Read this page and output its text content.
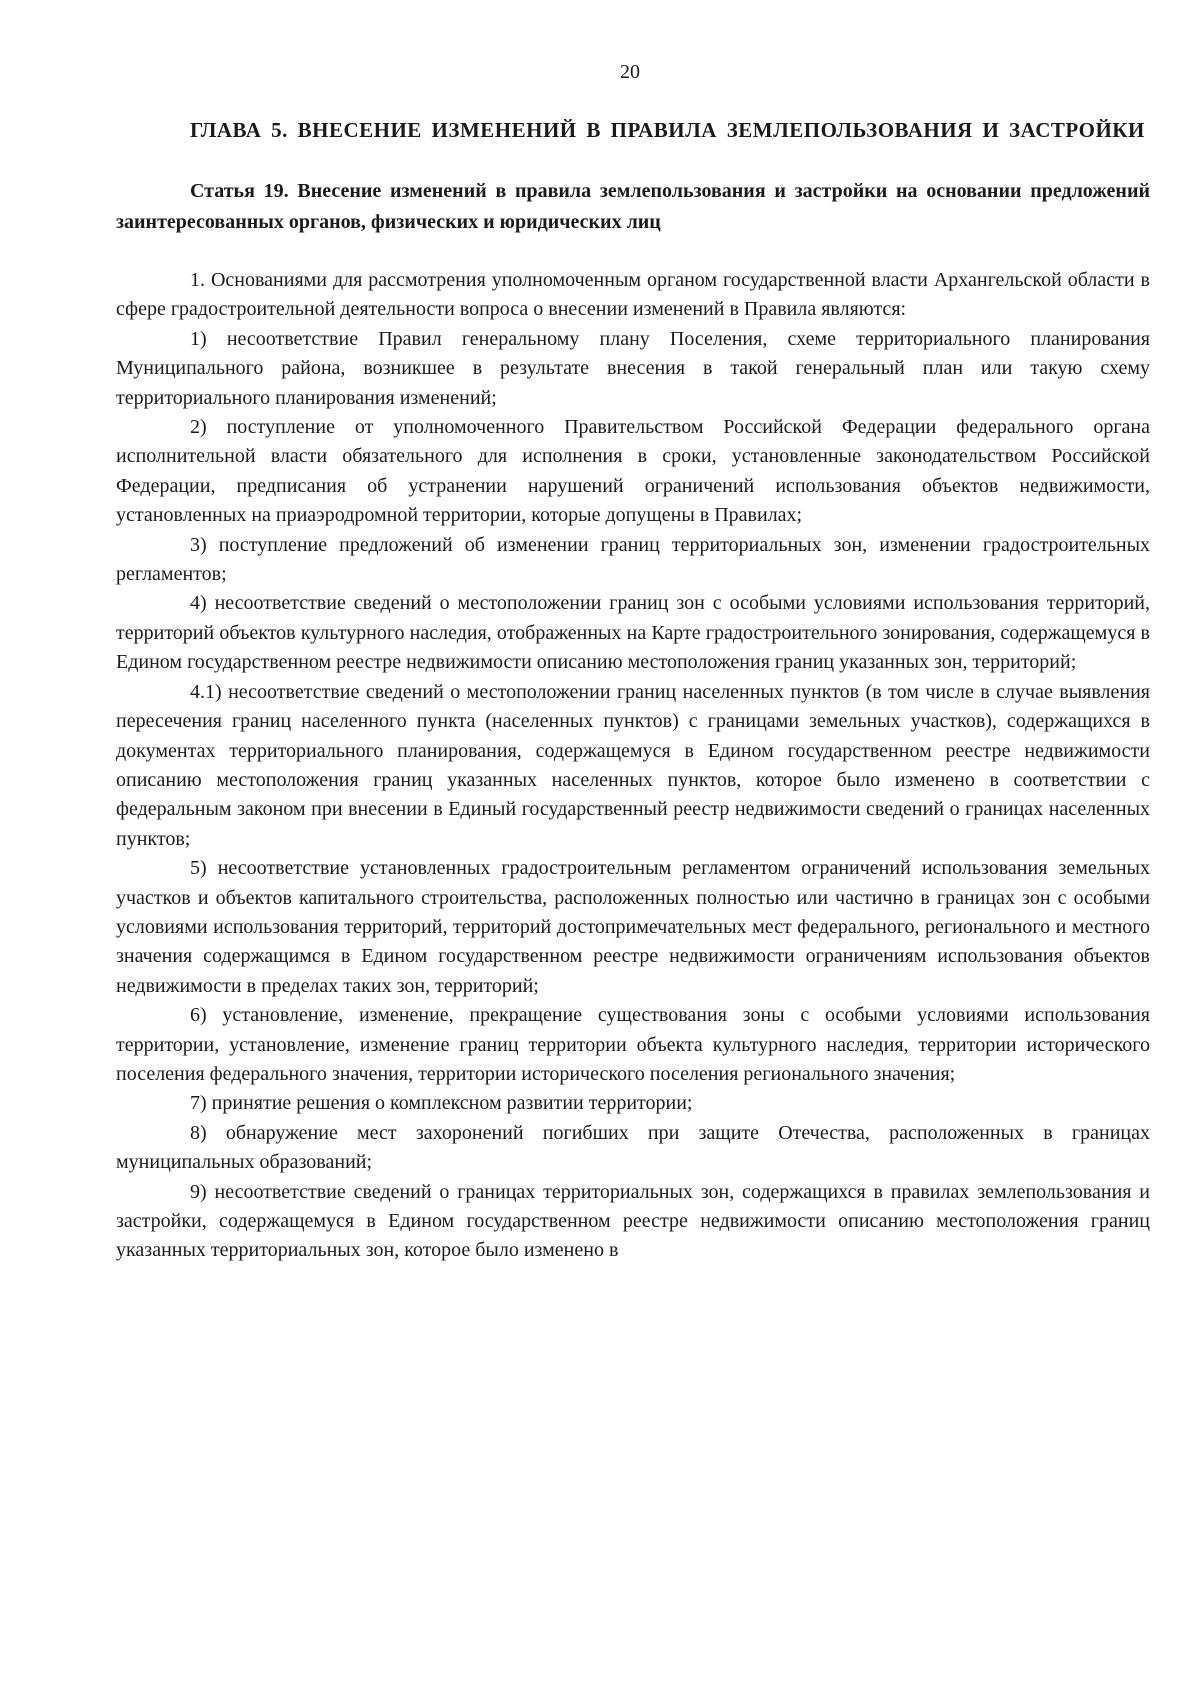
20
ГЛАВА 5. ВНЕСЕНИЕ ИЗМЕНЕНИЙ В ПРАВИЛА ЗЕМЛЕПОЛЬЗОВАНИЯ И ЗАСТРОЙКИ
Статья 19. Внесение изменений в правила землепользования и застройки на основании предложений заинтересованных органов, физических и юридических лиц

1. Основаниями для рассмотрения уполномоченным органом государственной власти Архангельской области в сфере градостроительной деятельности вопроса о внесении изменений в Правила являются:

1) несоответствие Правил генеральному плану Поселения, схеме территориального планирования Муниципального района, возникшее в результате внесения в такой генеральный план или такую схему территориального планирования изменений;

2) поступление от уполномоченного Правительством Российской Федерации федерального органа исполнительной власти обязательного для исполнения в сроки, установленные законодательством Российской Федерации, предписания об устранении нарушений ограничений использования объектов недвижимости, установленных на приаэродромной территории, которые допущены в Правилах;

3) поступление предложений об изменении границ территориальных зон, изменении градостроительных регламентов;

4) несоответствие сведений о местоположении границ зон с особыми условиями использования территорий, территорий объектов культурного наследия, отображенных на Карте градостроительного зонирования, содержащемуся в Едином государственном реестре недвижимости описанию местоположения границ указанных зон, территорий;

4.1) несоответствие сведений о местоположении границ населенных пунктов (в том числе в случае выявления пересечения границ населенного пункта (населенных пунктов) с границами земельных участков), содержащихся в документах территориального планирования, содержащемуся в Едином государственном реестре недвижимости описанию местоположения границ указанных населенных пунктов, которое было изменено в соответствии с федеральным законом при внесении в Единый государственный реестр недвижимости сведений о границах населенных пунктов;

5) несоответствие установленных градостроительным регламентом ограничений использования земельных участков и объектов капитального строительства, расположенных полностью или частично в границах зон с особыми условиями использования территорий, территорий достопримечательных мест федерального, регионального и местного значения содержащимся в Едином государственном реестре недвижимости ограничениям использования объектов недвижимости в пределах таких зон, территорий;

6) установление, изменение, прекращение существования зоны с особыми условиями использования территории, установление, изменение границ территории объекта культурного наследия, территории исторического поселения федерального значения, территории исторического поселения регионального значения;

7) принятие решения о комплексном развитии территории;

8) обнаружение мест захоронений погибших при защите Отечества, расположенных в границах муниципальных образований;

9) несоответствие сведений о границах территориальных зон, содержащихся в правилах землепользования и застройки, содержащемуся в Едином государственном реестре недвижимости описанию местоположения границ указанных территориальных зон, которое было изменено в
